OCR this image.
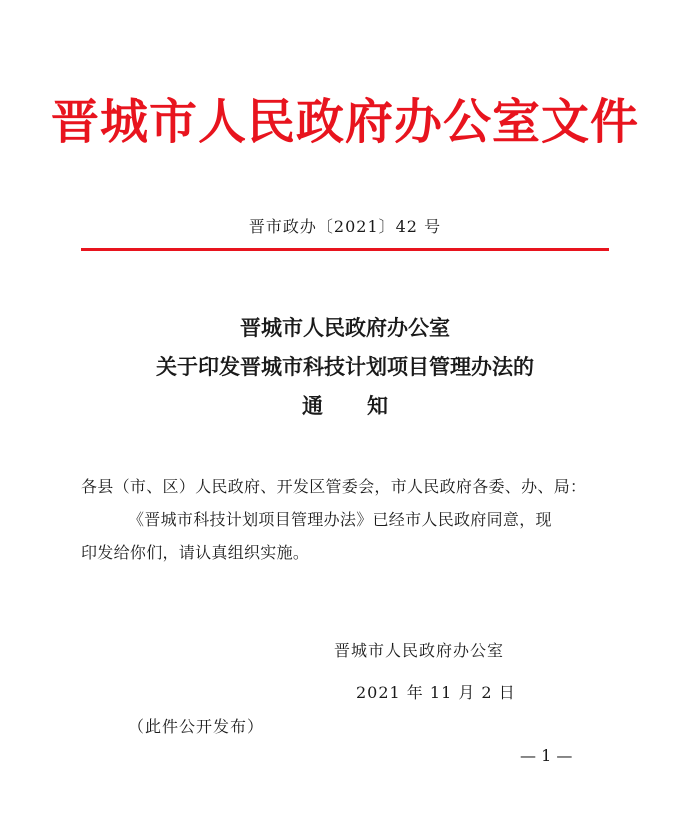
晋城市人民政府办公室文件
晋市政办〔2021〕42 号
晋城市人民政府办公室
关于印发晋城市科技计划项目管理办法的
通 知

各县（市、区）人民政府、开发区管委会，市人民政府各委、办、局：

《晋城市科技计划项目管理办法》已经市人民政府同意，现

印发给你们，请认真组织实施。

晋城市人民政府办公室
2021 年 11 月 2 日
（此件公开发布）
— 1 —
